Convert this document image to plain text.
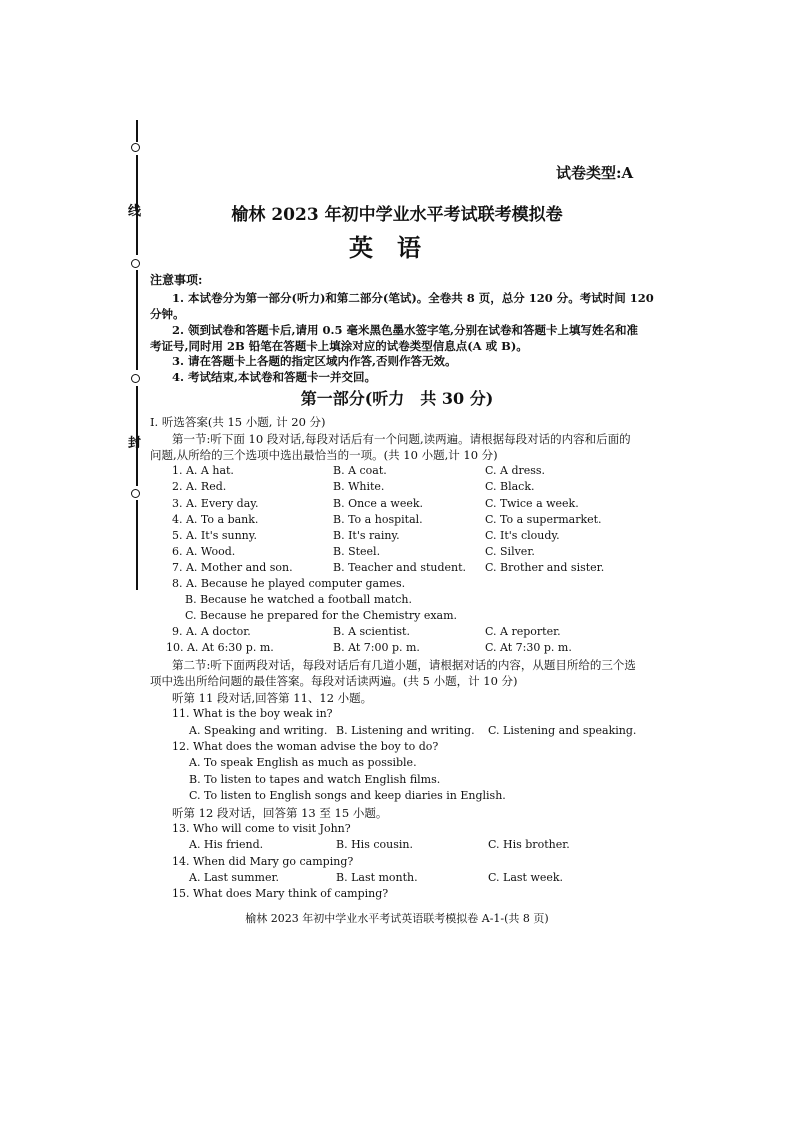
线
封
试卷类型:A
榆林 2023 年初中学业水平考试联考模拟卷
英语
注意事项:
1. 本试卷分为第一部分(听力)和第二部分(笔试)。全卷共 8 页，总分 120 分。考试时间 120
分钟。
2. 领到试卷和答题卡后,请用 0.5 毫米黑色墨水签字笔,分别在试卷和答题卡上填写姓名和准
考证号,同时用 2B 铅笔在答题卡上填涂对应的试卷类型信息点(A 或 B)。
3. 请在答题卡上各题的指定区域内作答,否则作答无效。
4. 考试结束,本试卷和答题卡一并交回。
第一部分(听力　共 30 分)
Ⅰ. 听选答案(共 15 小题, 计 20 分)
第一节:听下面 10 段对话,每段对话后有一个问题,读两遍。请根据每段对话的内容和后面的
问题,从所给的三个选项中选出最恰当的一项。(共 10 小题,计 10 分)
1. A. A hat.	B. A coat.	C. A dress.
2. A. Red.	B. White.	C. Black.
3. A. Every day.	B. Once a week.	C. Twice a week.
4. A. To a bank.	B. To a hospital.	C. To a supermarket.
5. A. It's sunny.	B. It's rainy.	C. It's cloudy.
6. A. Wood.	B. Steel.	C. Silver.
7. A. Mother and son.	B. Teacher and student. C. Brother and sister.
8. A. Because he played computer games.
B. Because he watched a football match.
C. Because he prepared for the Chemistry exam.
9. A. A doctor.	B. A scientist.	C. A reporter.
10. A. At 6:30 p. m.	B. At 7:00 p. m.	C. At 7:30 p. m.
第二节:听下面两段对话，每段对话后有几道小题，请根据对话的内容，从题目所给的三个选
项中选出所给问题的最佳答案。每段对话读两遍。(共 5 小题，计 10 分)
听第 11 段对话,回答第 11、12 小题。
11. What is the boy weak in?
A. Speaking and writing. B. Listening and writing. C. Listening and speaking.
12. What does the woman advise the boy to do?
A. To speak English as much as possible.
B. To listen to tapes and watch English films.
C. To listen to English songs and keep diaries in English.
听第 12 段对话，回答第 13 至 15 小题。
13. Who will come to visit John?
A. His friend.	B. His cousin.	C. His brother.
14. When did Mary go camping?
A. Last summer.	B. Last month.	C. Last week.
15. What does Mary think of camping?
榆林 2023 年初中学业水平考试英语联考模拟卷 A-1-(共 8 页)
